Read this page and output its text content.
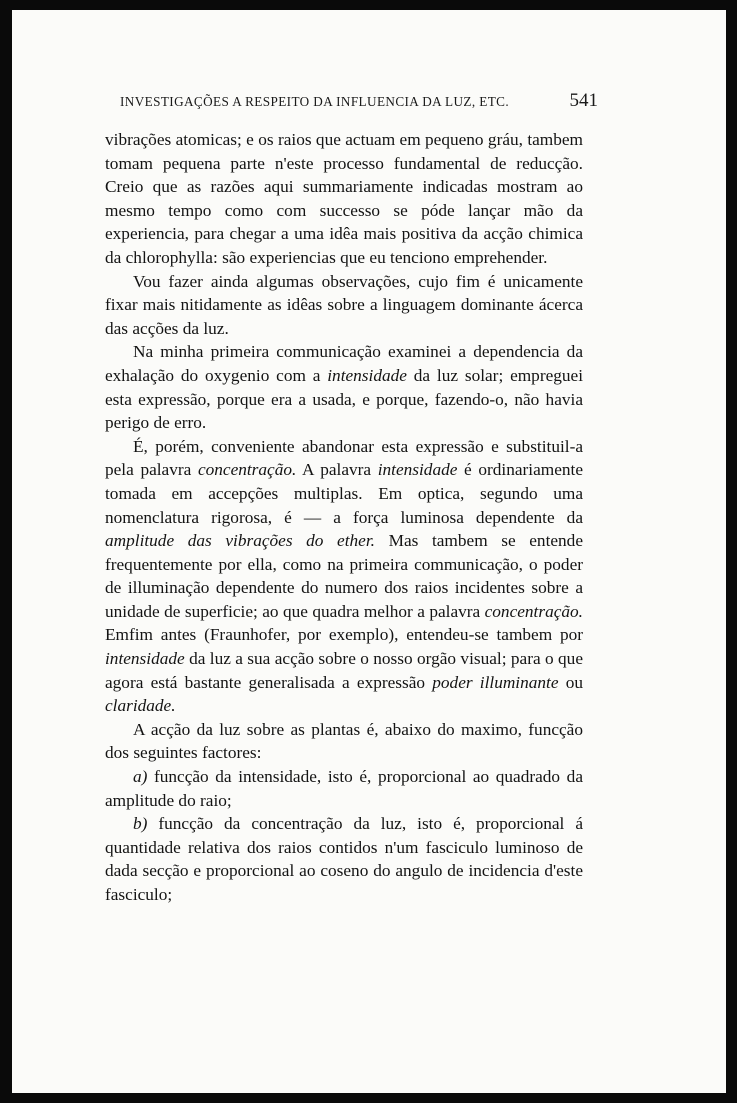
INVESTIGAÇÕES A RESPEITO DA INFLUENCIA DA LUZ, ETC.	541

vibrações atomicas; e os raios que actuam em pequeno gráu, tambem tomam pequena parte n'este processo fundamental de reducção. Creio que as razões aqui summariamente indicadas mostram ao mesmo tempo como com successo se póde lançar mão da experiencia, para chegar a uma idêa mais positiva da acção chimica da chlorophylla: são experiencias que eu tenciono emprehender.

Vou fazer ainda algumas observações, cujo fim é unicamente fixar mais nitidamente as idêas sobre a linguagem dominante ácerca das acções da luz.

Na minha primeira communicação examinei a dependencia da exhalação do oxygenio com a intensidade da luz solar; empreguei esta expressão, porque era a usada, e porque, fazendo-o, não havia perigo de erro.

É, porém, conveniente abandonar esta expressão e substituil-a pela palavra concentração. A palavra intensidade é ordinariamente tomada em accepções multiplas. Em optica, segundo uma nomenclatura rigorosa, é — a força luminosa dependente da amplitude das vibrações do ether. Mas tambem se entende frequentemente por ella, como na primeira communicação, o poder de illuminação dependente do numero dos raios incidentes sobre a unidade de superficie; ao que quadra melhor a palavra concentração. Emfim antes (Fraunhofer, por exemplo), entendeu-se tambem por intensidade da luz a sua acção sobre o nosso orgão visual; para o que agora está bastante generalisada a expressão poder illuminante ou claridade.

A acção da luz sobre as plantas é, abaixo do maximo, funcção dos seguintes factores:

a) funcção da intensidade, isto é, proporcional ao quadrado da amplitude do raio;

b) funcção da concentração da luz, isto é, proporcional á quantidade relativa dos raios contidos n'um fasciculo luminoso de dada secção e proporcional ao coseno do angulo de incidencia d'este fasciculo;
